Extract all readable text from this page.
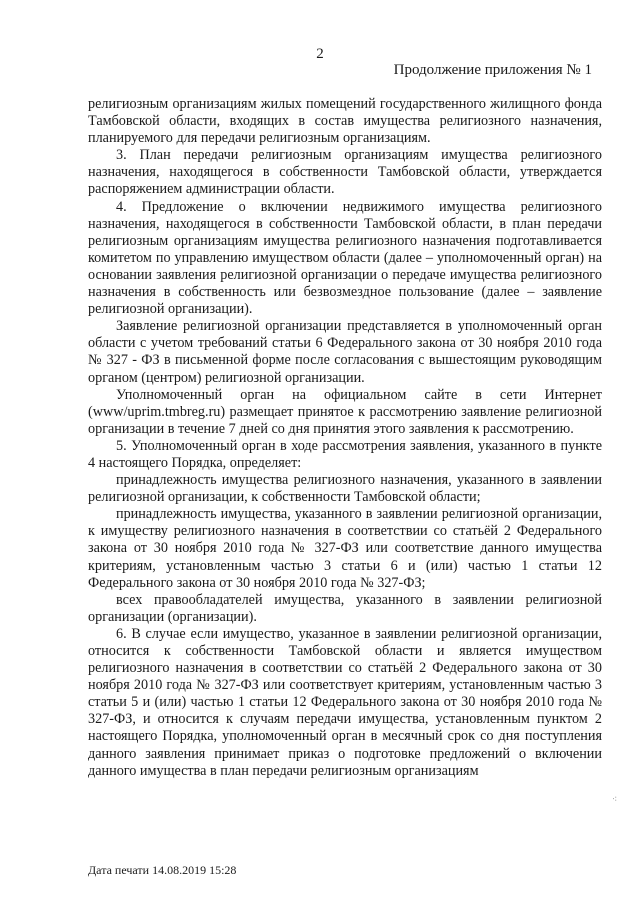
2
Продолжение приложения № 1

религиозным организациям жилых помещений государственного жилищного фонда Тамбовской области, входящих в состав имущества религиозного назначения, планируемого для передачи религиозным организациям.

3. План передачи религиозным организациям имущества религиозного назначения, находящегося в собственности Тамбовской области, утверждается распоряжением администрации области.

4. Предложение о включении недвижимого имущества религиозного назначения, находящегося в собственности Тамбовской области, в план передачи религиозным организациям имущества религиозного назначения подготавливается комитетом по управлению имуществом области (далее – уполномоченный орган) на основании заявления религиозной организации о передаче имущества религиозного назначения в собственность или безвозмездное пользование (далее – заявление религиозной организации).

Заявление религиозной организации представляется в уполномоченный орган области с учетом требований статьи 6 Федерального закона от 30 ноября 2010 года № 327 - ФЗ в письменной форме после согласования с вышестоящим руководящим органом (центром) религиозной организации.

Уполномоченный орган на официальном сайте в сети Интернет (www/uprim.tmbreg.ru) размещает принятое к рассмотрению заявление религиозной организации в течение 7 дней со дня принятия этого заявления к рассмотрению.

5. Уполномоченный орган в ходе рассмотрения заявления, указанного в пункте 4 настоящего Порядка, определяет:

принадлежность имущества религиозного назначения, указанного в заявлении религиозной организации, к собственности Тамбовской области;

принадлежность имущества, указанного в заявлении религиозной организации, к имуществу религиозного назначения в соответствии со статьёй 2 Федерального закона от 30 ноября 2010 года № 327-ФЗ или соответствие данного имущества критериям, установленным частью 3 статьи 6 и (или) частью 1 статьи 12 Федерального закона от 30 ноября 2010 года № 327-ФЗ;

всех правообладателей имущества, указанного в заявлении религиозной организации (организации).

6. В случае если имущество, указанное в заявлении религиозной организации, относится к собственности Тамбовской области и является имуществом религиозного назначения в соответствии со статьёй 2 Федерального закона от 30 ноября 2010 года № 327-ФЗ или соответствует критериям, установленным частью 3 статьи 5 и (или) частью 1 статьи 12 Федерального закона от 30 ноября 2010 года № 327-ФЗ, и относится к случаям передачи имущества, установленным пунктом 2 настоящего Порядка, уполномоченный орган в месячный срок со дня поступления данного заявления принимает приказ о подготовке предложений о включении данного имущества в план передачи религиозным организациям

⁖
Дата печати 14.08.2019 15:28
